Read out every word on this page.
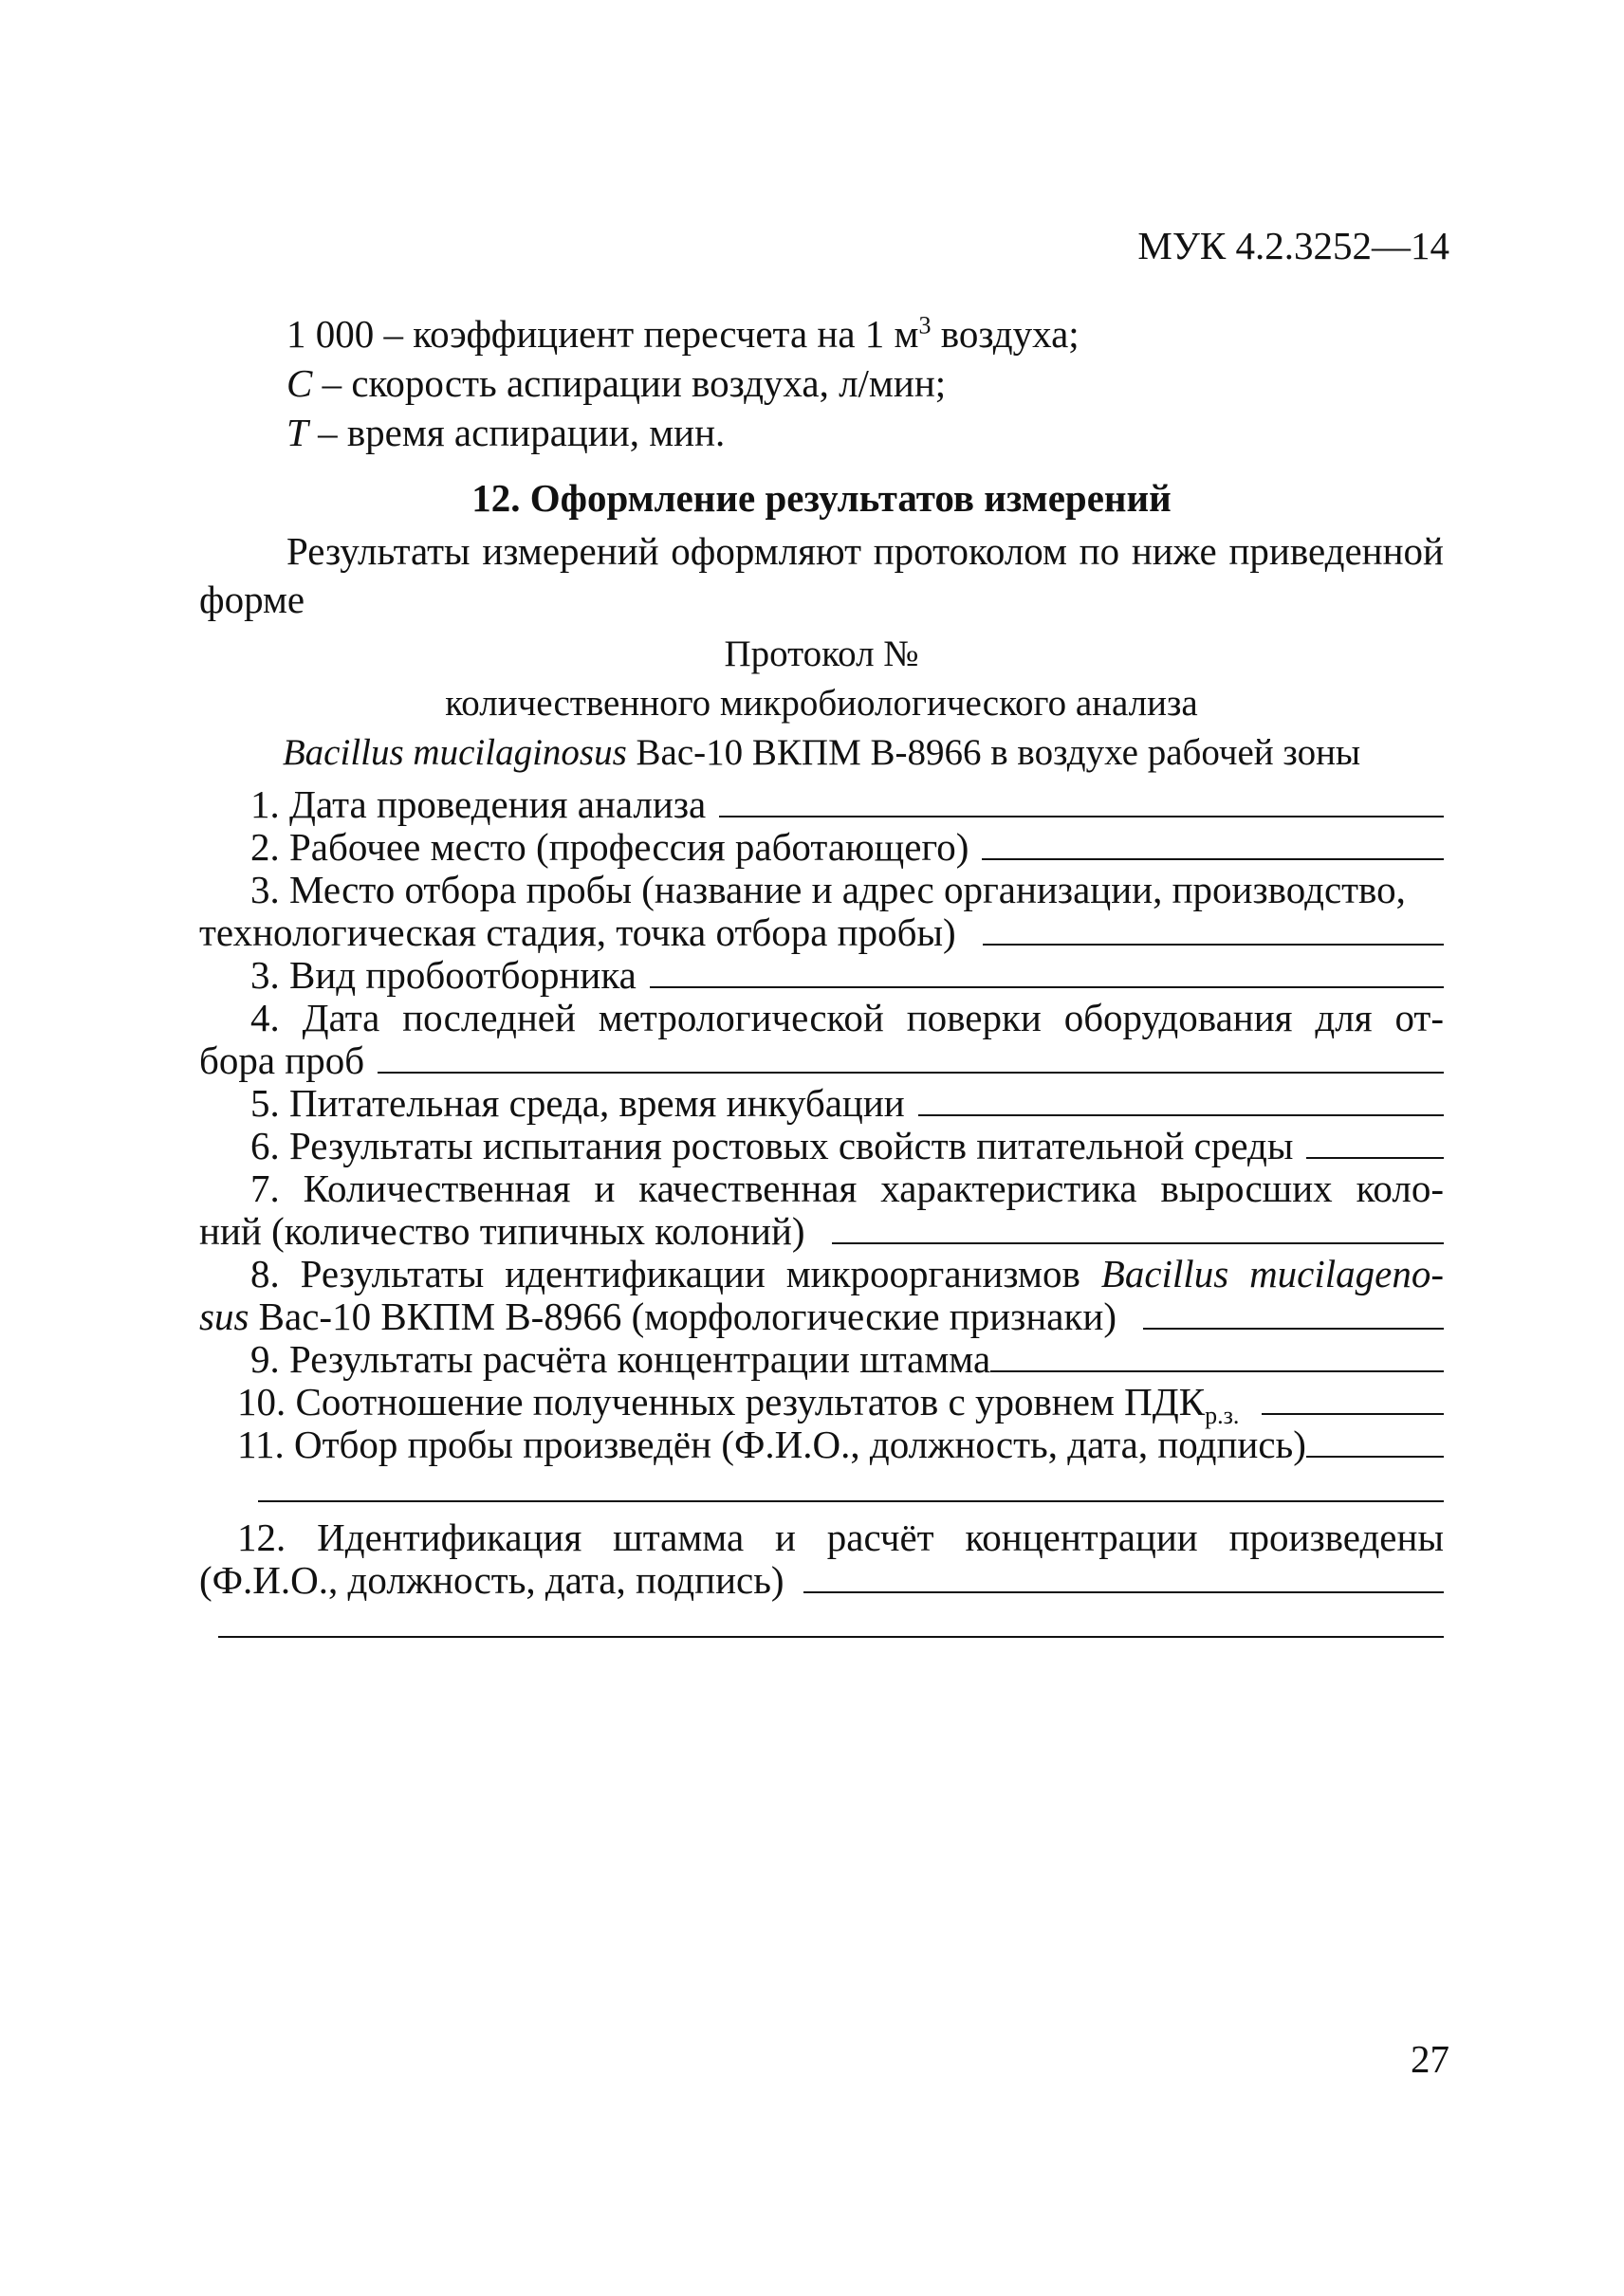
МУК 4.2.3252—14

1 000 – коэффициент пересчета на 1 $м^3$ воздуха;

C – скорость аспирации воздуха, л/мин;

T – время аспирации, мин.

12. Оформление результатов измерений

Результаты измерений оформляют протоколом по ниже приведенной форме

Протокол №

количественного микробиологического анализа

Bacillus mucilaginosus Bac-10 ВКПМ В-8966 в воздухе рабочей зоны

1. Дата проведения анализа
2. Рабочее место (профессия работающего)

3. Место отбора пробы (название и адрес организации, производство,

технологическая стадия, точка отбора пробы)
3. Вид пробоотборника

4. Дата последней метрологической поверки оборудования для от-

бора проб
5. Питательная среда, время инкубации
6. Результаты испытания ростовых свойств питательной среды

7. Количественная и качественная характеристика выросших коло-

ний (количество типичных колоний)

8. Результаты идентификации микроорганизмов Bacillus mucilageno-

sus Bac-10 ВКПМ В-8966 (морфологические признаки)
9. Результаты расчёта концентрации штамма
10. Соотношение полученных результатов с уровнем $ПДК_{р.з.}$
11. Отбор пробы произведён (Ф.И.О., должность, дата, подпись)

12. Идентификация штамма и расчёт концентрации произведены

(Ф.И.О., должность, дата, подпись)
27
